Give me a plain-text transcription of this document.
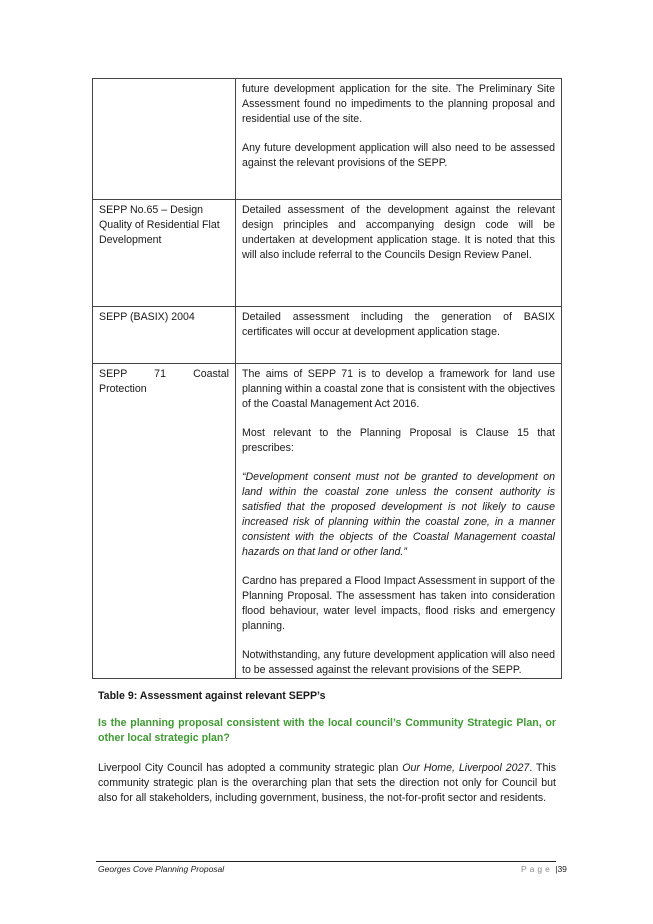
	future development application for the site. The Preliminary Site Assessment found no impediments to the planning proposal and residential use of the site.

Any future development application will also need to be assessed against the relevant provisions of the SEPP.

SEPP No.65 – Design Quality of Residential Flat Development	Detailed assessment of the development against the relevant design principles and accompanying design code will be undertaken at development application stage. It is noted that this will also include referral to the Councils Design Review Panel.

SEPP (BASIX) 2004	Detailed assessment including the generation of BASIX certificates will occur at development application stage.

SEPP 71 Coastal Protection	The aims of SEPP 71 is to develop a framework for land use planning within a coastal zone that is consistent with the objectives of the Coastal Management Act 2016.

Most relevant to the Planning Proposal is Clause 15 that prescribes:

“Development consent must not be granted to development on land within the coastal zone unless the consent authority is satisfied that the proposed development is not likely to cause increased risk of planning within the coastal zone, in a manner consistent with the objects of the Coastal Management coastal hazards on that land or other land.”

Cardno has prepared a Flood Impact Assessment in support of the Planning Proposal. The assessment has taken into consideration flood behaviour, water level impacts, flood risks and emergency planning.

Notwithstanding, any future development application will also need to be assessed against the relevant provisions of the SEPP.

Table 9: Assessment against relevant SEPP’s
Is the planning proposal consistent with the local council’s Community Strategic Plan, or other local strategic plan?
Liverpool City Council has adopted a community strategic plan Our Home, Liverpool 2027. This community strategic plan is the overarching plan that sets the direction not only for Council but also for all stakeholders, including government, business, the not-for-profit sector and residents.
Georges Cove Planning Proposal	Page |39
